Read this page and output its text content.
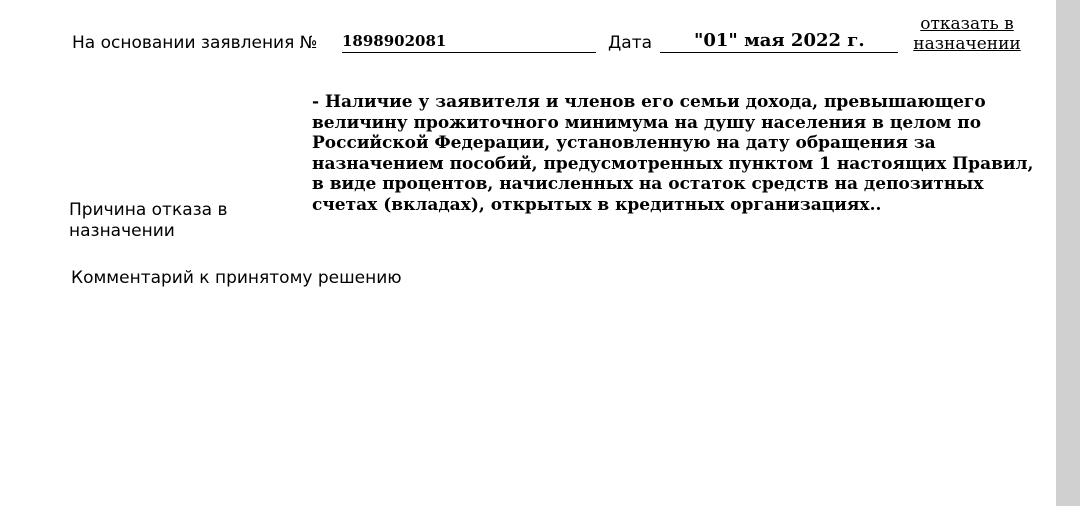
На основании заявления № 1898902081	Дата "01" мая 2022 г.
отказать в назначении
- Наличие у заявителя и членов его семьи дохода, превышающего величину прожиточного минимума на душу населения в целом по Российской Федерации, установленную на дату обращения за назначением пособий, предусмотренных пунктом 1 настоящих Правил, в виде процентов, начисленных на остаток средств на депозитных счетах (вкладах), открытых в кредитных организациях..
Причина отказа в назначении
Комментарий к принятому решению
